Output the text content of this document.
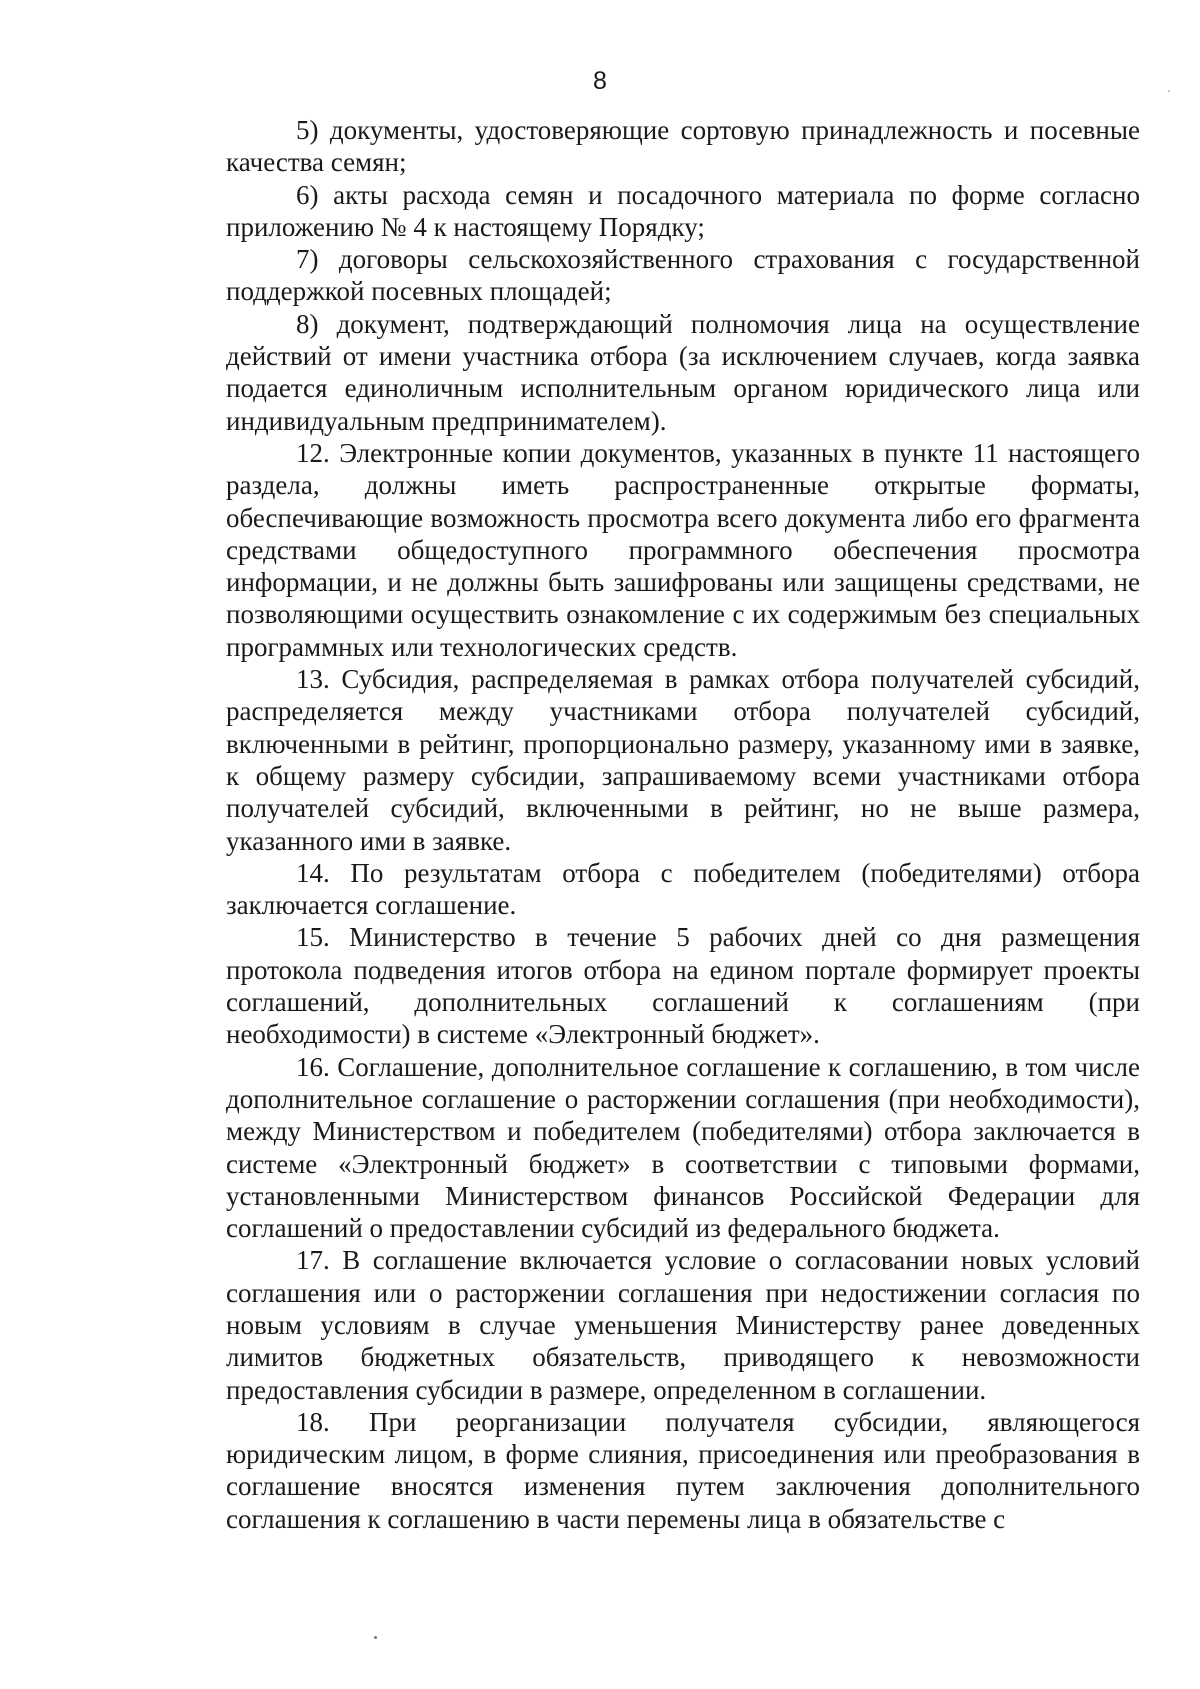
8

5) документы, удостоверяющие сортовую принадлежность и посевные качества семян;

6) акты расхода семян и посадочного материала по форме согласно приложению № 4 к настоящему Порядку;

7) договоры сельскохозяйственного страхования с государственной поддержкой посевных площадей;

8) документ, подтверждающий полномочия лица на осуществление действий от имени участника отбора (за исключением случаев, когда заявка подается единоличным исполнительным органом юридического лица или индивидуальным предпринимателем).

12. Электронные копии документов, указанных в пункте 11 настоящего раздела, должны иметь распространенные открытые форматы, обеспечивающие возможность просмотра всего документа либо его фрагмента средствами общедоступного программного обеспечения просмотра информации, и не должны быть зашифрованы или защищены средствами, не позволяющими осуществить ознакомление с их содержимым без специальных программных или технологических средств.

13. Субсидия, распределяемая в рамках отбора получателей субсидий, распределяется между участниками отбора получателей субсидий, включенными в рейтинг, пропорционально размеру, указанному ими в заявке, к общему размеру субсидии, запрашиваемому всеми участниками отбора получателей субсидий, включенными в рейтинг, но не выше размера, указанного ими в заявке.

14. По результатам отбора с победителем (победителями) отбора заключается соглашение.

15. Министерство в течение 5 рабочих дней со дня размещения протокола подведения итогов отбора на едином портале формирует проекты соглашений, дополнительных соглашений к соглашениям (при необходимости) в системе «Электронный бюджет».

16. Соглашение, дополнительное соглашение к соглашению, в том числе дополнительное соглашение о расторжении соглашения (при необходимости), между Министерством и победителем (победителями) отбора заключается в системе «Электронный бюджет» в соответствии с типовыми формами, установленными Министерством финансов Российской Федерации для соглашений о предоставлении субсидий из федерального бюджета.

17. В соглашение включается условие о согласовании новых условий соглашения или о расторжении соглашения при недостижении согласия по новым условиям в случае уменьшения Министерству ранее доведенных лимитов бюджетных обязательств, приводящего к невозможности предоставления субсидии в размере, определенном в соглашении.

18. При реорганизации получателя субсидии, являющегося юридическим лицом, в форме слияния, присоединения или преобразования в соглашение вносятся изменения путем заключения дополнительного соглашения к соглашению в части перемены лица в обязательстве с
